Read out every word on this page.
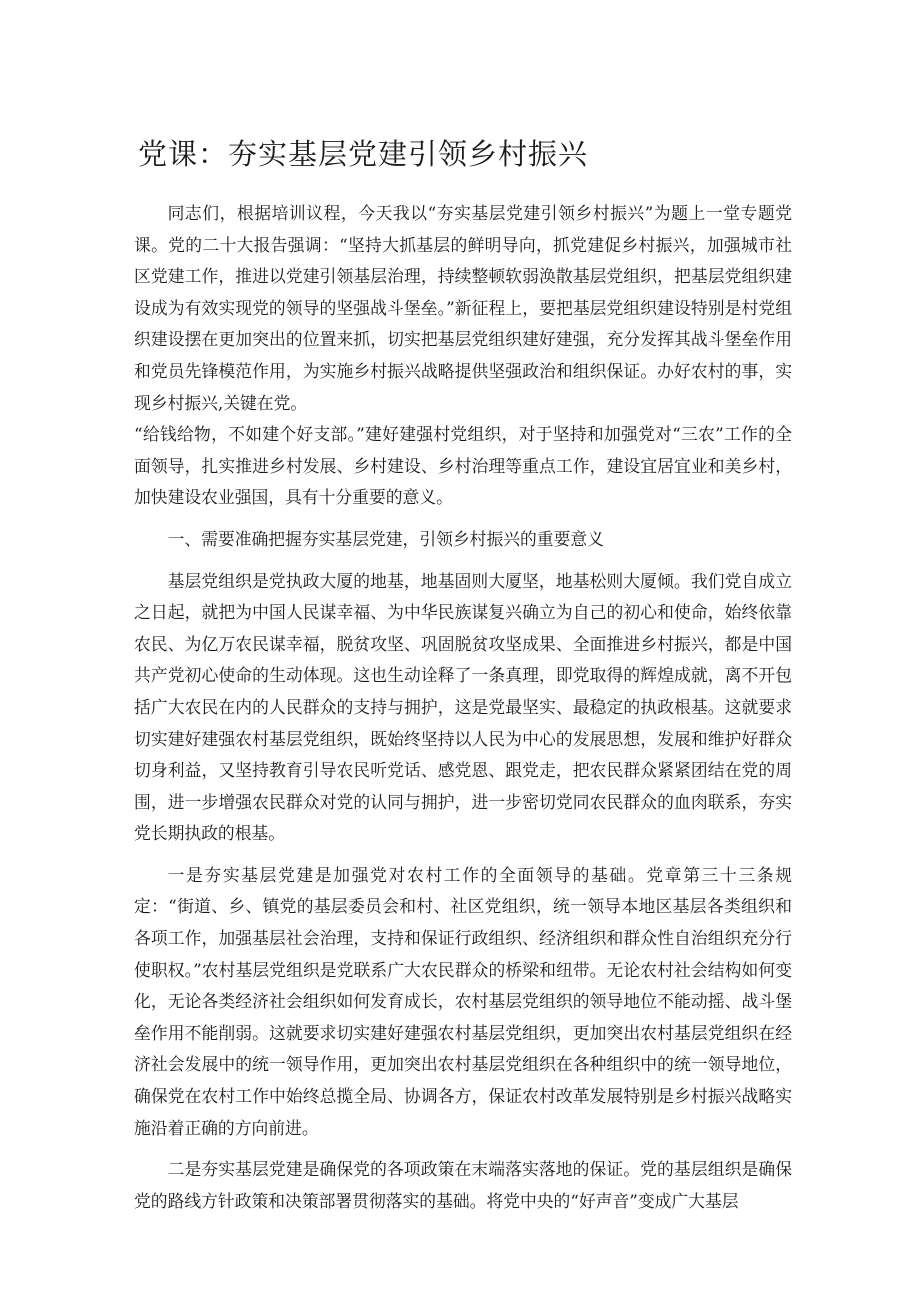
党课：夯实基层党建引领乡村振兴

同志们，根据培训议程，今天我以“夯实基层党建引领乡村振兴”为题上一堂专题党课。党的二十大报告强调：“坚持大抓基层的鲜明导向，抓党建促乡村振兴，加强城市社区党建工作，推进以党建引领基层治理，持续整顿软弱涣散基层党组织，把基层党组织建设成为有效实现党的领导的坚强战斗堡垒。”新征程上，要把基层党组织建设特别是村党组织建设摆在更加突出的位置来抓，切实把基层党组织建好建强，充分发挥其战斗堡垒作用和党员先锋模范作用，为实施乡村振兴战略提供坚强政治和组织保证。办好农村的事，实现乡村振兴,关键在党。

“给钱给物，不如建个好支部。”建好建强村党组织，对于坚持和加强党对“三农”工作的全面领导，扎实推进乡村发展、乡村建设、乡村治理等重点工作，建设宜居宜业和美乡村，加快建设农业强国，具有十分重要的意义。

一、需要准确把握夯实基层党建，引领乡村振兴的重要意义

基层党组织是党执政大厦的地基，地基固则大厦坚，地基松则大厦倾。我们党自成立之日起，就把为中国人民谋幸福、为中华民族谋复兴确立为自己的初心和使命，始终依靠农民、为亿万农民谋幸福，脱贫攻坚、巩固脱贫攻坚成果、全面推进乡村振兴，都是中国共产党初心使命的生动体现。这也生动诠释了一条真理，即党取得的辉煌成就，离不开包括广大农民在内的人民群众的支持与拥护，这是党最坚实、最稳定的执政根基。这就要求切实建好建强农村基层党组织，既始终坚持以人民为中心的发展思想，发展和维护好群众切身利益，又坚持教育引导农民听党话、感党恩、跟党走，把农民群众紧紧团结在党的周围，进一步增强农民群众对党的认同与拥护，进一步密切党同农民群众的血肉联系，夯实党长期执政的根基。

一是夯实基层党建是加强党对农村工作的全面领导的基础。党章第三十三条规定：“街道、乡、镇党的基层委员会和村、社区党组织，统一领导本地区基层各类组织和各项工作，加强基层社会治理，支持和保证行政组织、经济组织和群众性自治组织充分行使职权。”农村基层党组织是党联系广大农民群众的桥梁和纽带。无论农村社会结构如何变化，无论各类经济社会组织如何发育成长，农村基层党组织的领导地位不能动摇、战斗堡垒作用不能削弱。这就要求切实建好建强农村基层党组织，更加突出农村基层党组织在经济社会发展中的统一领导作用，更加突出农村基层党组织在各种组织中的统一领导地位，确保党在农村工作中始终总揽全局、协调各方，保证农村改革发展特别是乡村振兴战略实施沿着正确的方向前进。

二是夯实基层党建是确保党的各项政策在末端落实落地的保证。党的基层组织是确保党的路线方针政策和决策部署贯彻落实的基础。将党中央的“好声音”变成广大基层
